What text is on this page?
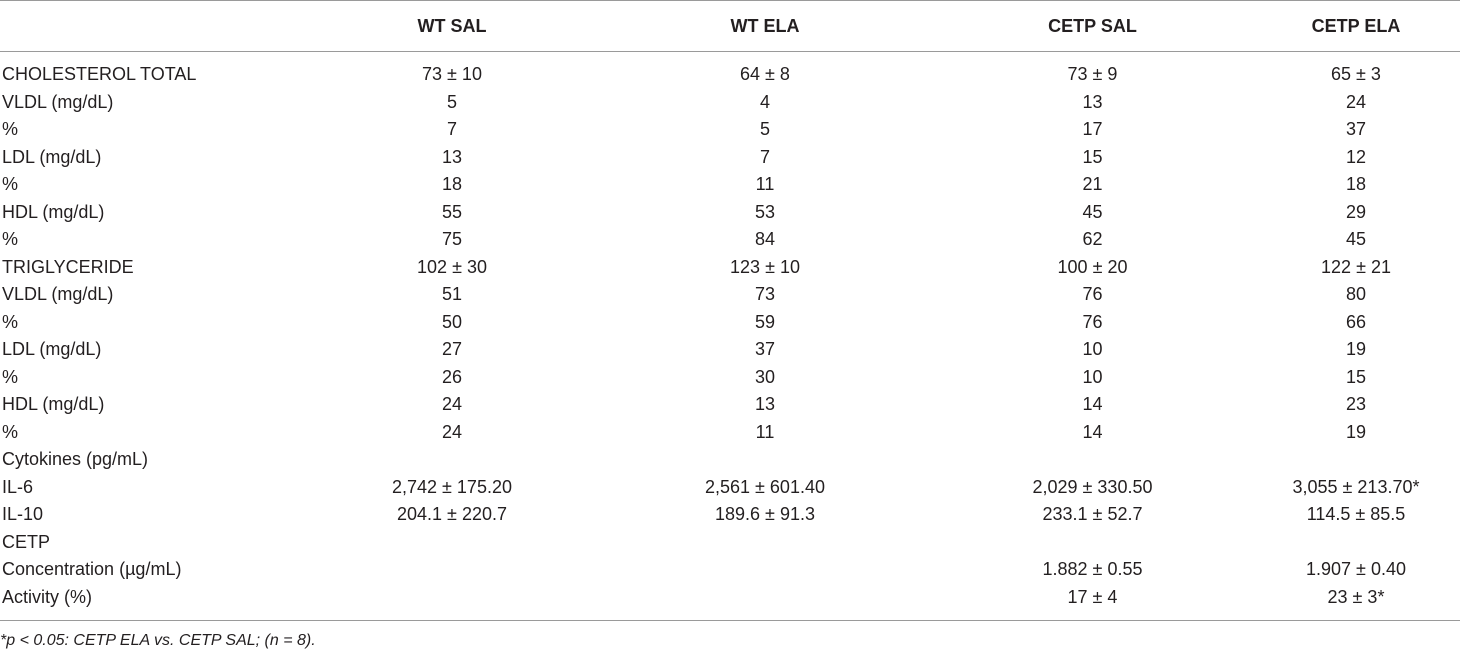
	WT SAL	WT ELA	CETP SAL	CETP ELA
CHOLESTEROL TOTAL	73 ± 10	64 ± 8	73 ± 9	65 ± 3
VLDL (mg/dL)	5	4	13	24
%	7	5	17	37
LDL (mg/dL)	13	7	15	12
%	18	11	21	18
HDL (mg/dL)	55	53	45	29
%	75	84	62	45
TRIGLYCERIDE	102 ± 30	123 ± 10	100 ± 20	122 ± 21
VLDL (mg/dL)	51	73	76	80
%	50	59	76	66
LDL (mg/dL)	27	37	10	19
%	26	30	10	15
HDL (mg/dL)	24	13	14	23
%	24	11	14	19
Cytokines (pg/mL)				
IL-6	2,742 ± 175.20	2,561 ± 601.40	2,029 ± 330.50	3,055 ± 213.70*
IL-10	204.1 ± 220.7	189.6 ± 91.3	233.1 ± 52.7	114.5 ± 85.5
CETP				
Concentration (µg/mL)			1.882 ± 0.55	1.907 ± 0.40
Activity (%)			17 ± 4	23 ± 3*
*p < 0.05: CETP ELA vs. CETP SAL; (n = 8).
